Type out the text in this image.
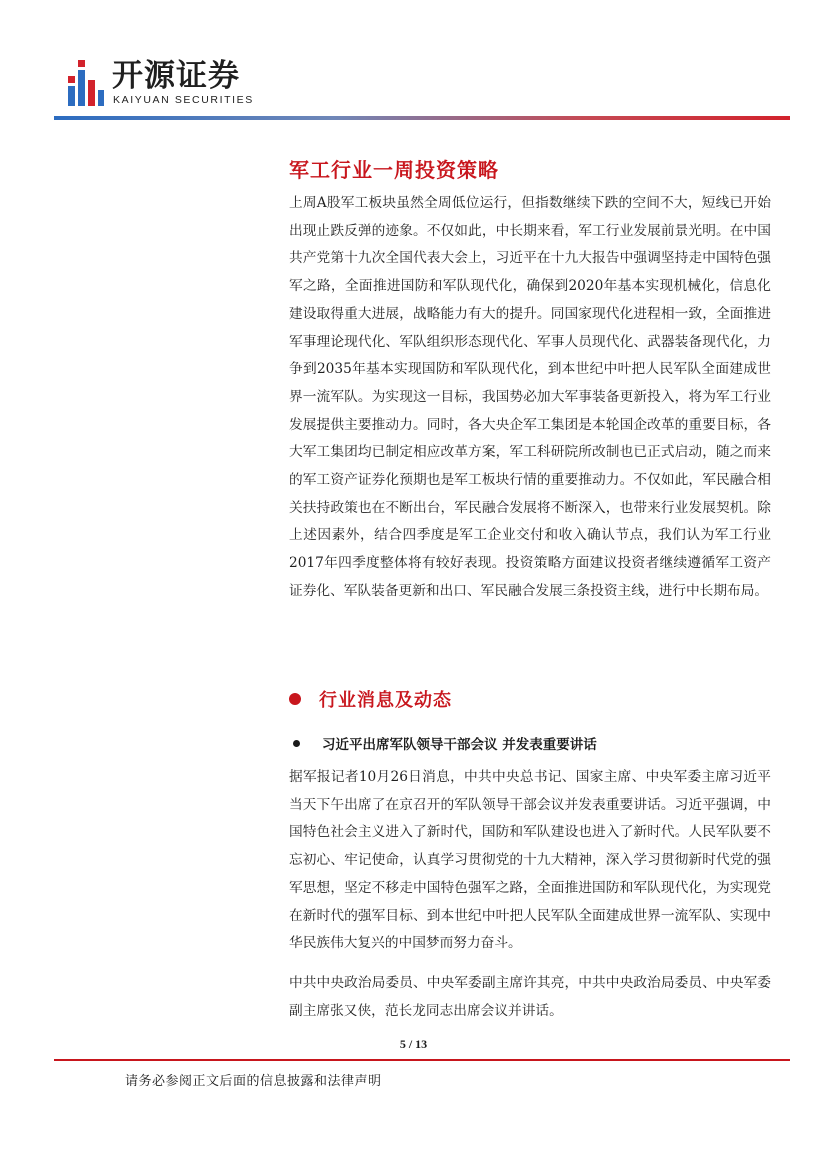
开源证券
KAIYUAN SECURITIES
军工行业一周投资策略

上周A股军工板块虽然全周低位运行，但指数继续下跌的空间不大，短线已开始出现止跌反弹的迹象。不仅如此，中长期来看，军工行业发展前景光明。在中国共产党第十九次全国代表大会上，习近平在十九大报告中强调坚持走中国特色强军之路，全面推进国防和军队现代化，确保到2020年基本实现机械化，信息化建设取得重大进展，战略能力有大的提升。同国家现代化进程相一致，全面推进军事理论现代化、军队组织形态现代化、军事人员现代化、武器装备现代化，力争到2035年基本实现国防和军队现代化，到本世纪中叶把人民军队全面建成世界一流军队。为实现这一目标，我国势必加大军事装备更新投入，将为军工行业发展提供主要推动力。同时，各大央企军工集团是本轮国企改革的重要目标，各大军工集团均已制定相应改革方案，军工科研院所改制也已正式启动，随之而来的军工资产证券化预期也是军工板块行情的重要推动力。不仅如此，军民融合相关扶持政策也在不断出台，军民融合发展将不断深入，也带来行业发展契机。除上述因素外，结合四季度是军工企业交付和收入确认节点，我们认为军工行业2017年四季度整体将有较好表现。投资策略方面建议投资者继续遵循军工资产证券化、军队装备更新和出口、军民融合发展三条投资主线，进行中长期布局。

行业消息及动态
习近平出席军队领导干部会议 并发表重要讲话

据军报记者10月26日消息，中共中央总书记、国家主席、中央军委主席习近平当天下午出席了在京召开的军队领导干部会议并发表重要讲话。习近平强调，中国特色社会主义进入了新时代，国防和军队建设也进入了新时代。人民军队要不忘初心、牢记使命，认真学习贯彻党的十九大精神，深入学习贯彻新时代党的强军思想，坚定不移走中国特色强军之路，全面推进国防和军队现代化，为实现党在新时代的强军目标、到本世纪中叶把人民军队全面建成世界一流军队、实现中华民族伟大复兴的中国梦而努力奋斗。

中共中央政治局委员、中央军委副主席许其亮，中共中央政治局委员、中央军委副主席张又侠，范长龙同志出席会议并讲话。

5 / 13
请务必参阅正文后面的信息披露和法律声明
